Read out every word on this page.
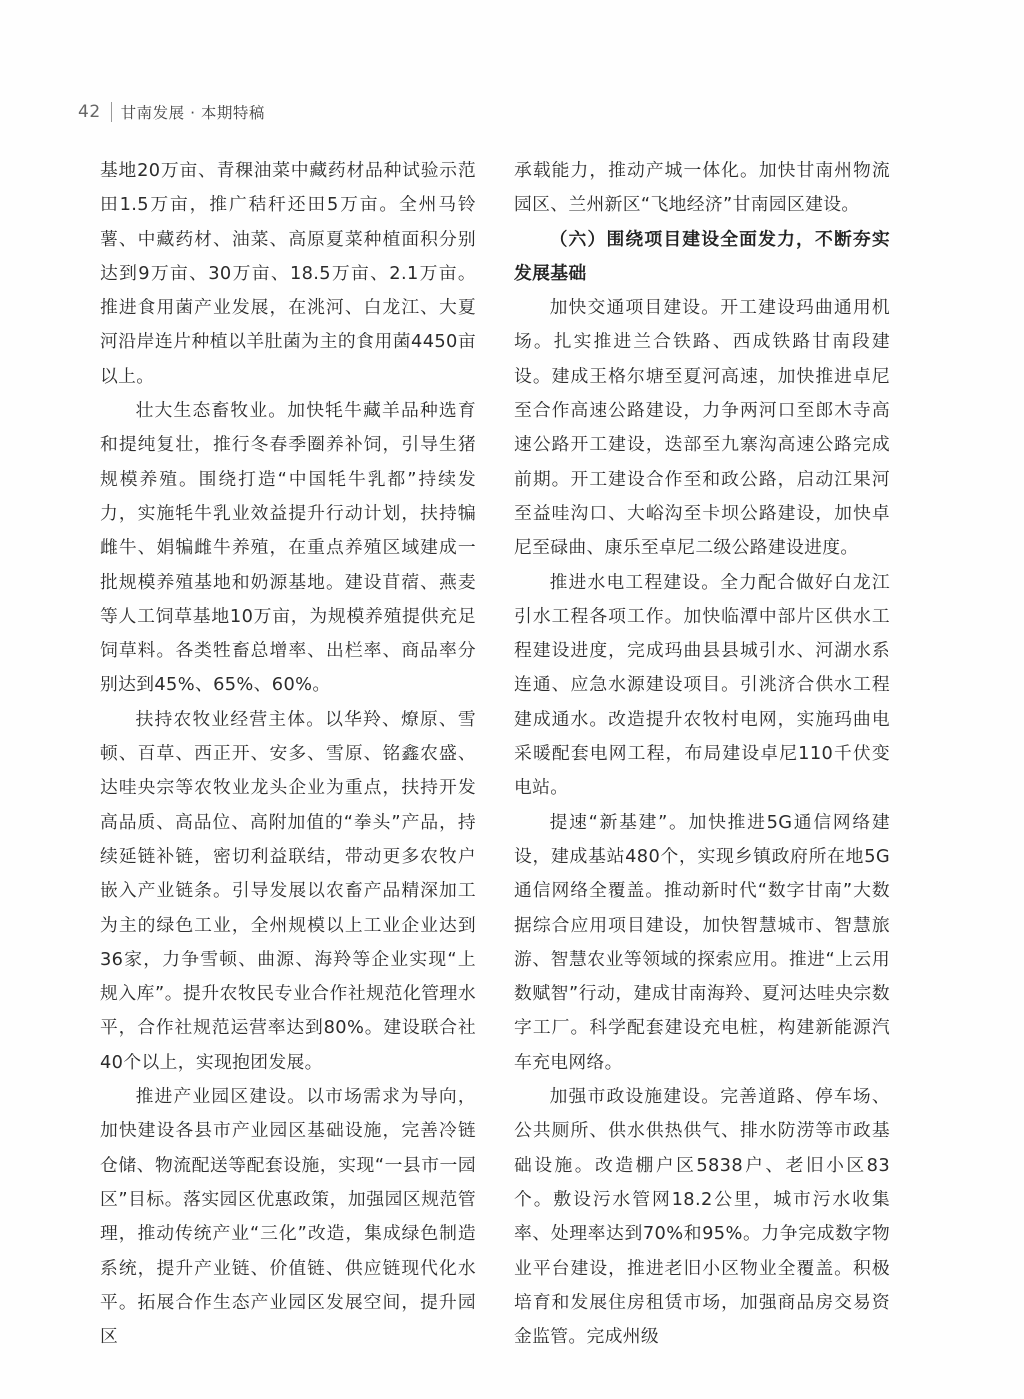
42 甘南发展 · 本期特稿

基地20万亩、青稞油菜中藏药材品种试验示范田1.5万亩，推广秸秆还田5万亩。全州马铃薯、中藏药材、油菜、高原夏菜种植面积分别达到9万亩、30万亩、18.5万亩、2.1万亩。推进食用菌产业发展，在洮河、白龙江、大夏河沿岸连片种植以羊肚菌为主的食用菌4450亩以上。

壮大生态畜牧业。加快牦牛藏羊品种选育和提纯复壮，推行冬春季圈养补饲，引导生猪规模养殖。围绕打造“中国牦牛乳都”持续发力，实施牦牛乳业效益提升行动计划，扶持犏雌牛、娟犏雌牛养殖，在重点养殖区域建成一批规模养殖基地和奶源基地。建设苜蓿、燕麦等人工饲草基地10万亩，为规模养殖提供充足饲草料。各类牲畜总增率、出栏率、商品率分别达到45%、65%、60%。

扶持农牧业经营主体。以华羚、燎原、雪顿、百草、西正开、安多、雪原、铭鑫农盛、达哇央宗等农牧业龙头企业为重点，扶持开发高品质、高品位、高附加值的“拳头”产品，持续延链补链，密切利益联结，带动更多农牧户嵌入产业链条。引导发展以农畜产品精深加工为主的绿色工业，全州规模以上工业企业达到36家，力争雪顿、曲源、海羚等企业实现“上规入库”。提升农牧民专业合作社规范化管理水平，合作社规范运营率达到80%。建设联合社40个以上，实现抱团发展。

推进产业园区建设。以市场需求为导向，加快建设各县市产业园区基础设施，完善冷链仓储、物流配送等配套设施，实现“一县市一园区”目标。落实园区优惠政策，加强园区规范管理，推动传统产业“三化”改造，集成绿色制造系统，提升产业链、价值链、供应链现代化水平。拓展合作生态产业园区发展空间，提升园区

承载能力，推动产城一体化。加快甘南州物流园区、兰州新区“飞地经济”甘南园区建设。

（六）围绕项目建设全面发力，不断夯实发展基础

加快交通项目建设。开工建设玛曲通用机场。扎实推进兰合铁路、西成铁路甘南段建设。建成王格尔塘至夏河高速，加快推进卓尼至合作高速公路建设，力争两河口至郎木寺高速公路开工建设，迭部至九寨沟高速公路完成前期。开工建设合作至和政公路，启动江果河至益哇沟口、大峪沟至卡坝公路建设，加快卓尼至碌曲、康乐至卓尼二级公路建设进度。

推进水电工程建设。全力配合做好白龙江引水工程各项工作。加快临潭中部片区供水工程建设进度，完成玛曲县县城引水、河湖水系连通、应急水源建设项目。引洮济合供水工程建成通水。改造提升农牧村电网，实施玛曲电采暖配套电网工程，布局建设卓尼110千伏变电站。

提速“新基建”。加快推进5G通信网络建设，建成基站480个，实现乡镇政府所在地5G通信网络全覆盖。推动新时代“数字甘南”大数据综合应用项目建设，加快智慧城市、智慧旅游、智慧农业等领域的探索应用。推进“上云用数赋智”行动，建成甘南海羚、夏河达哇央宗数字工厂。科学配套建设充电桩，构建新能源汽车充电网络。

加强市政设施建设。完善道路、停车场、公共厕所、供水供热供气、排水防涝等市政基础设施。改造棚户区5838户、老旧小区83个。敷设污水管网18.2公里，城市污水收集率、处理率达到70%和95%。力争完成数字物业平台建设，推进老旧小区物业全覆盖。积极培育和发展住房租赁市场，加强商品房交易资金监管。完成州级
